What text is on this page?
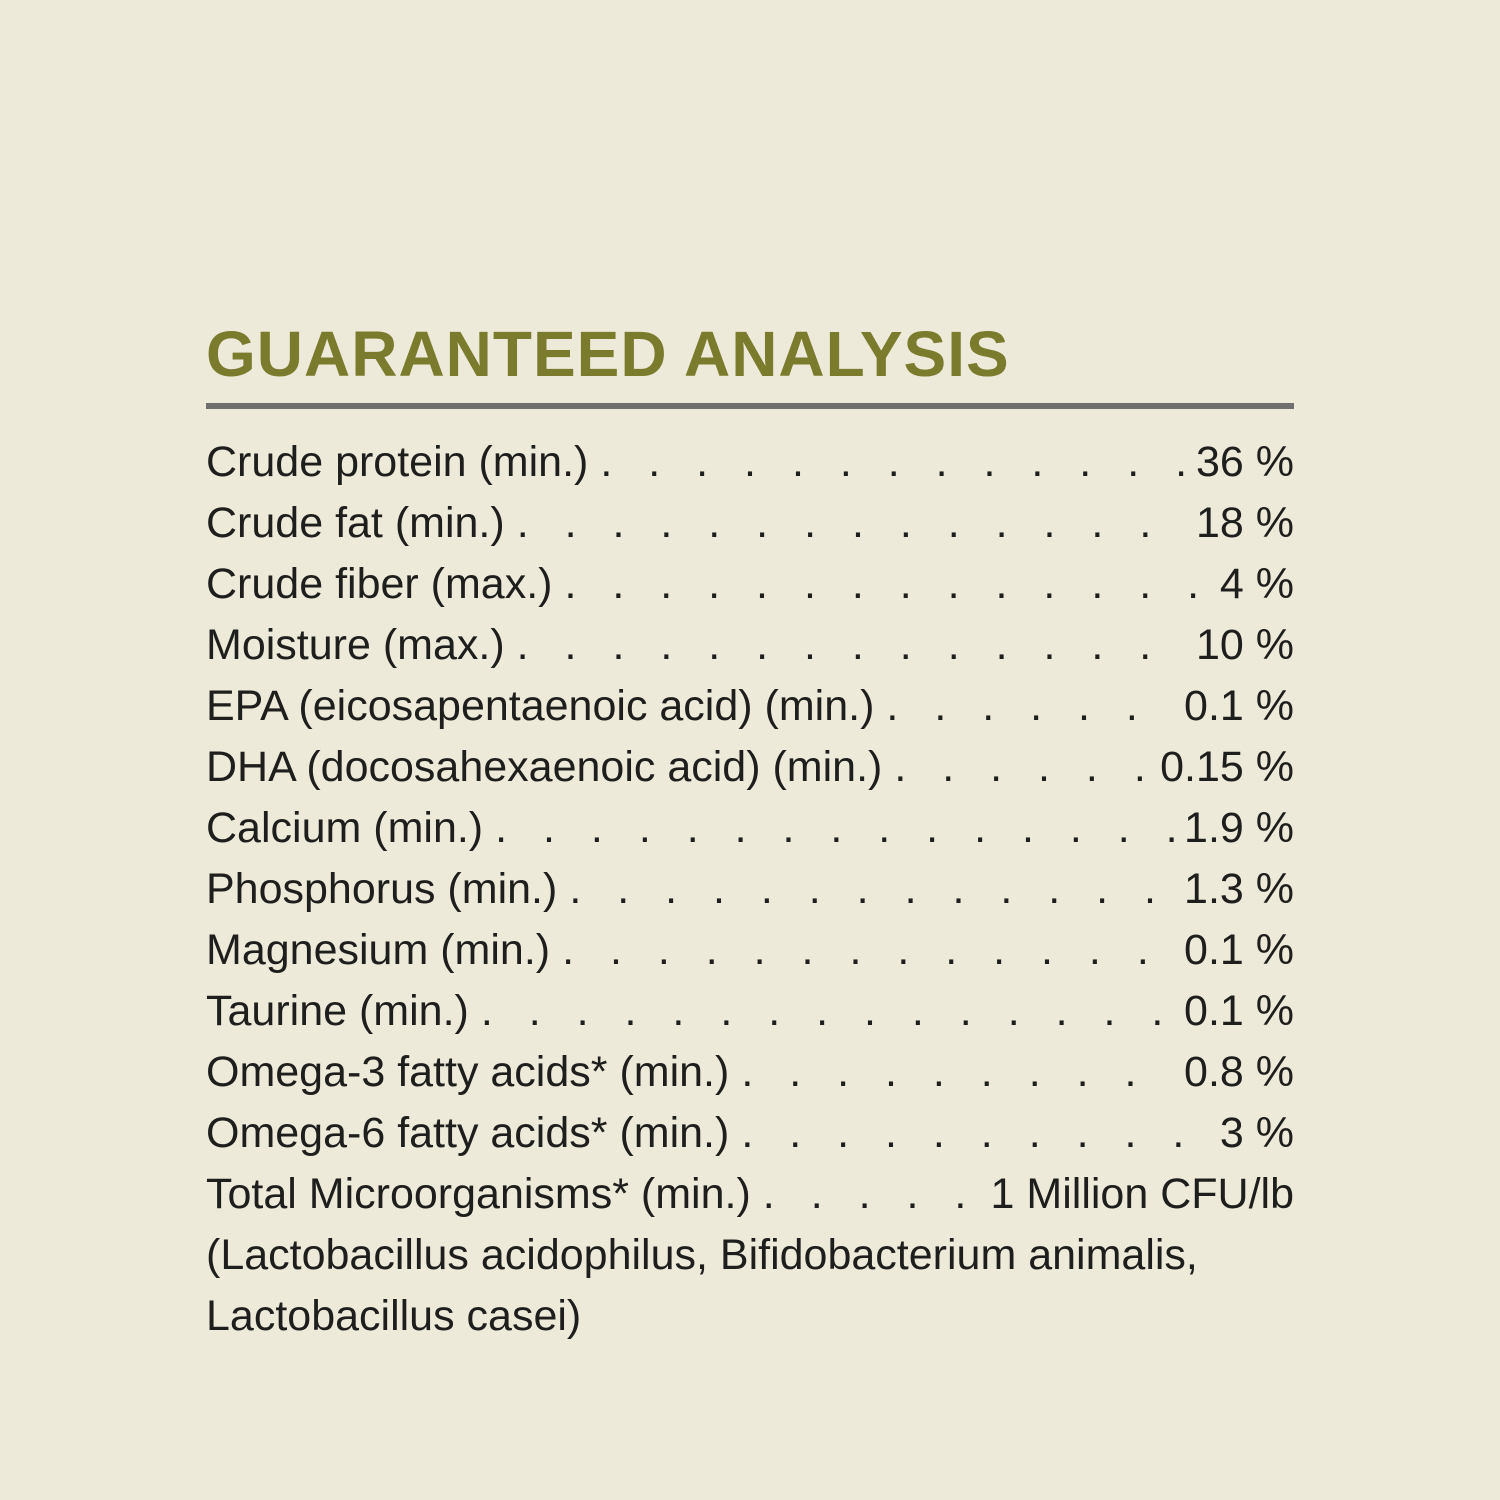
GUARANTEED ANALYSIS
Crude protein (min.) . . .	36 %
Crude fat (min.) . . .	18 %
Crude fiber (max.) . . .	4 %
Moisture (max.) . . .	10 %
EPA (eicosapentaenoic acid) (min.) . . .	0.1 %
DHA (docosahexaenoic acid) (min.) . . .	0.15 %
Calcium (min.) . . .	1.9 %
Phosphorus (min.) . . .	1.3 %
Magnesium (min.) . . .	0.1 %
Taurine (min.) . . .	0.1 %
Omega-3 fatty acids* (min.) . . .	0.8 %
Omega-6 fatty acids* (min.) . . .	3 %
Total Microorganisms* (min.) . . .	1 Million CFU/lb
(Lactobacillus acidophilus, Bifidobacterium animalis,
Lactobacillus casei)
